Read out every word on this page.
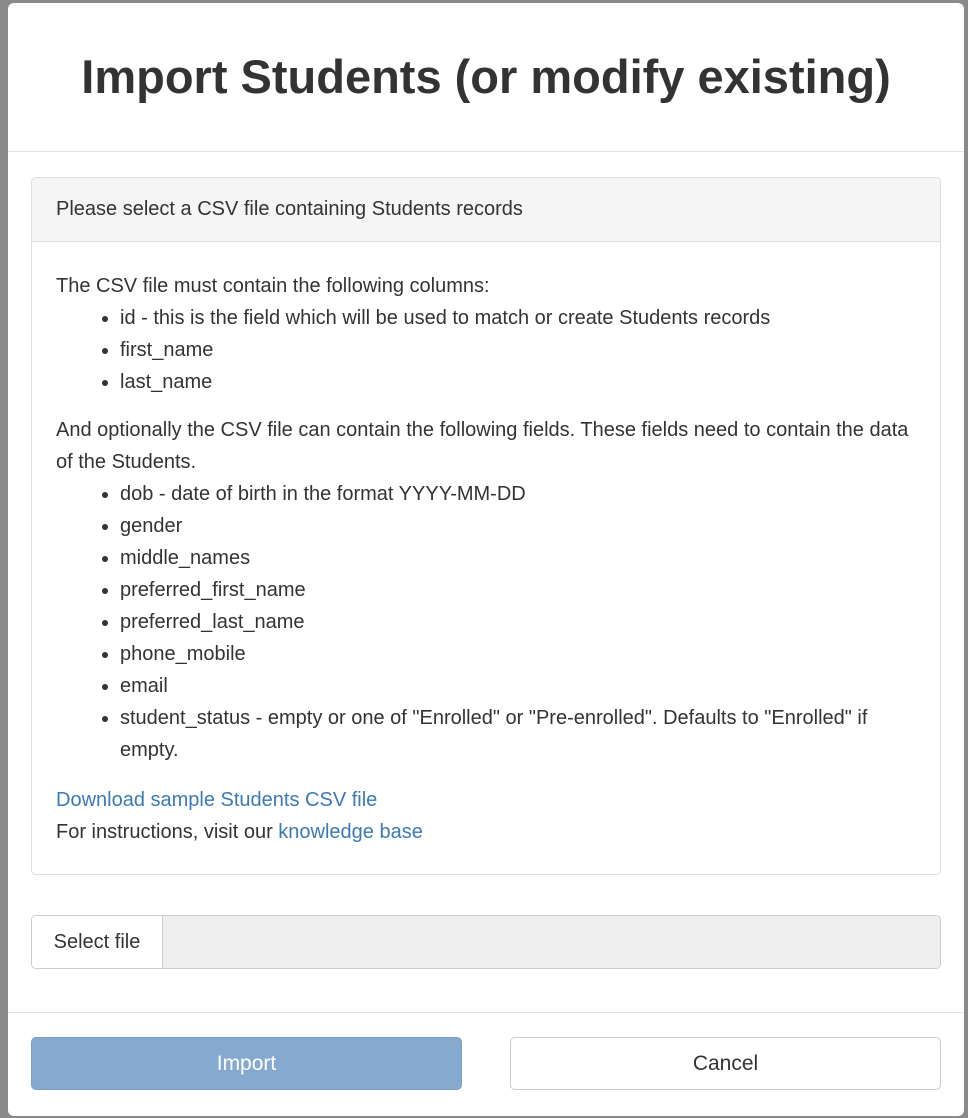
Import Students (or modify existing)
Please select a CSV file containing Students records

The CSV file must contain the following columns:

• id - this is the field which will be used to match or create Students records
• first_name
• last_name

And optionally the CSV file can contain the following fields. These fields need to contain the data of the Students.

• dob - date of birth in the format YYYY-MM-DD
• gender
• middle_names
• preferred_first_name
• preferred_last_name
• phone_mobile
• email
• student_status - empty or one of "Enrolled" or "Pre-enrolled". Defaults to "Enrolled" if empty.

Download sample Students CSV file

For instructions, visit our knowledge base

Select file
Import	Cancel
